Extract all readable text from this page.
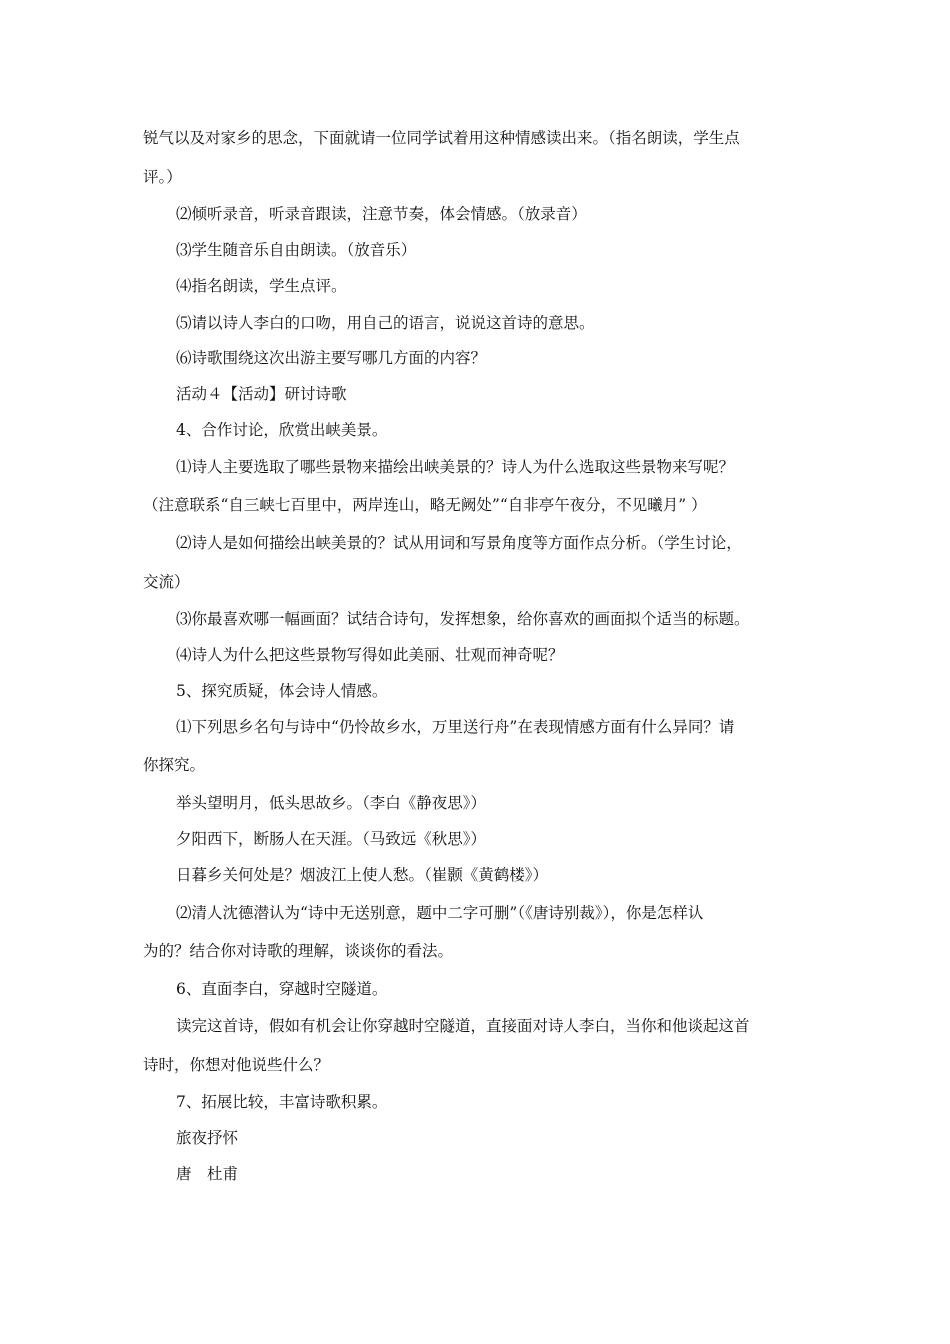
锐气以及对家乡的思念，下面就请一位同学试着用这种情感读出来。（指名朗读，学生点
评。）
⑵倾听录音，听录音跟读，注意节奏，体会情感。（放录音）
⑶学生随音乐自由朗读。（放音乐）
⑷指名朗读，学生点评。
⑸请以诗人李白的口吻，用自己的语言，说说这首诗的意思。
⑹诗歌围绕这次出游主要写哪几方面的内容？
活动４【活动】研讨诗歌
4、合作讨论，欣赏出峡美景。
⑴诗人主要选取了哪些景物来描绘出峡美景的？诗人为什么选取这些景物来写呢？
（注意联系“自三峡七百里中，两岸连山，略无阙处”“自非亭午夜分，不见曦月” ）
⑵诗人是如何描绘出峡美景的？试从用词和写景角度等方面作点分析。（学生讨论，
交流）
⑶你最喜欢哪一幅画面？试结合诗句，发挥想象，给你喜欢的画面拟个适当的标题。
⑷诗人为什么把这些景物写得如此美丽、壮观而神奇呢？
5、探究质疑，体会诗人情感。
⑴下列思乡名句与诗中“仍怜故乡水，万里送行舟”在表现情感方面有什么异同？请
你探究。
举头望明月，低头思故乡。（李白《静夜思》）
夕阳西下，断肠人在天涯。（马致远《秋思》）
日暮乡关何处是？烟波江上使人愁。（崔颢《黄鹤楼》）
⑵清人沈德潜认为“诗中无送别意，题中二字可删”（《唐诗别裁》），你是怎样认
为的？结合你对诗歌的理解，谈谈你的看法。
6、直面李白，穿越时空隧道。
读完这首诗，假如有机会让你穿越时空隧道，直接面对诗人李白，当你和他谈起这首
诗时，你想对他说些什么？
7、拓展比较，丰富诗歌积累。
旅夜抒怀
唐　杜甫
